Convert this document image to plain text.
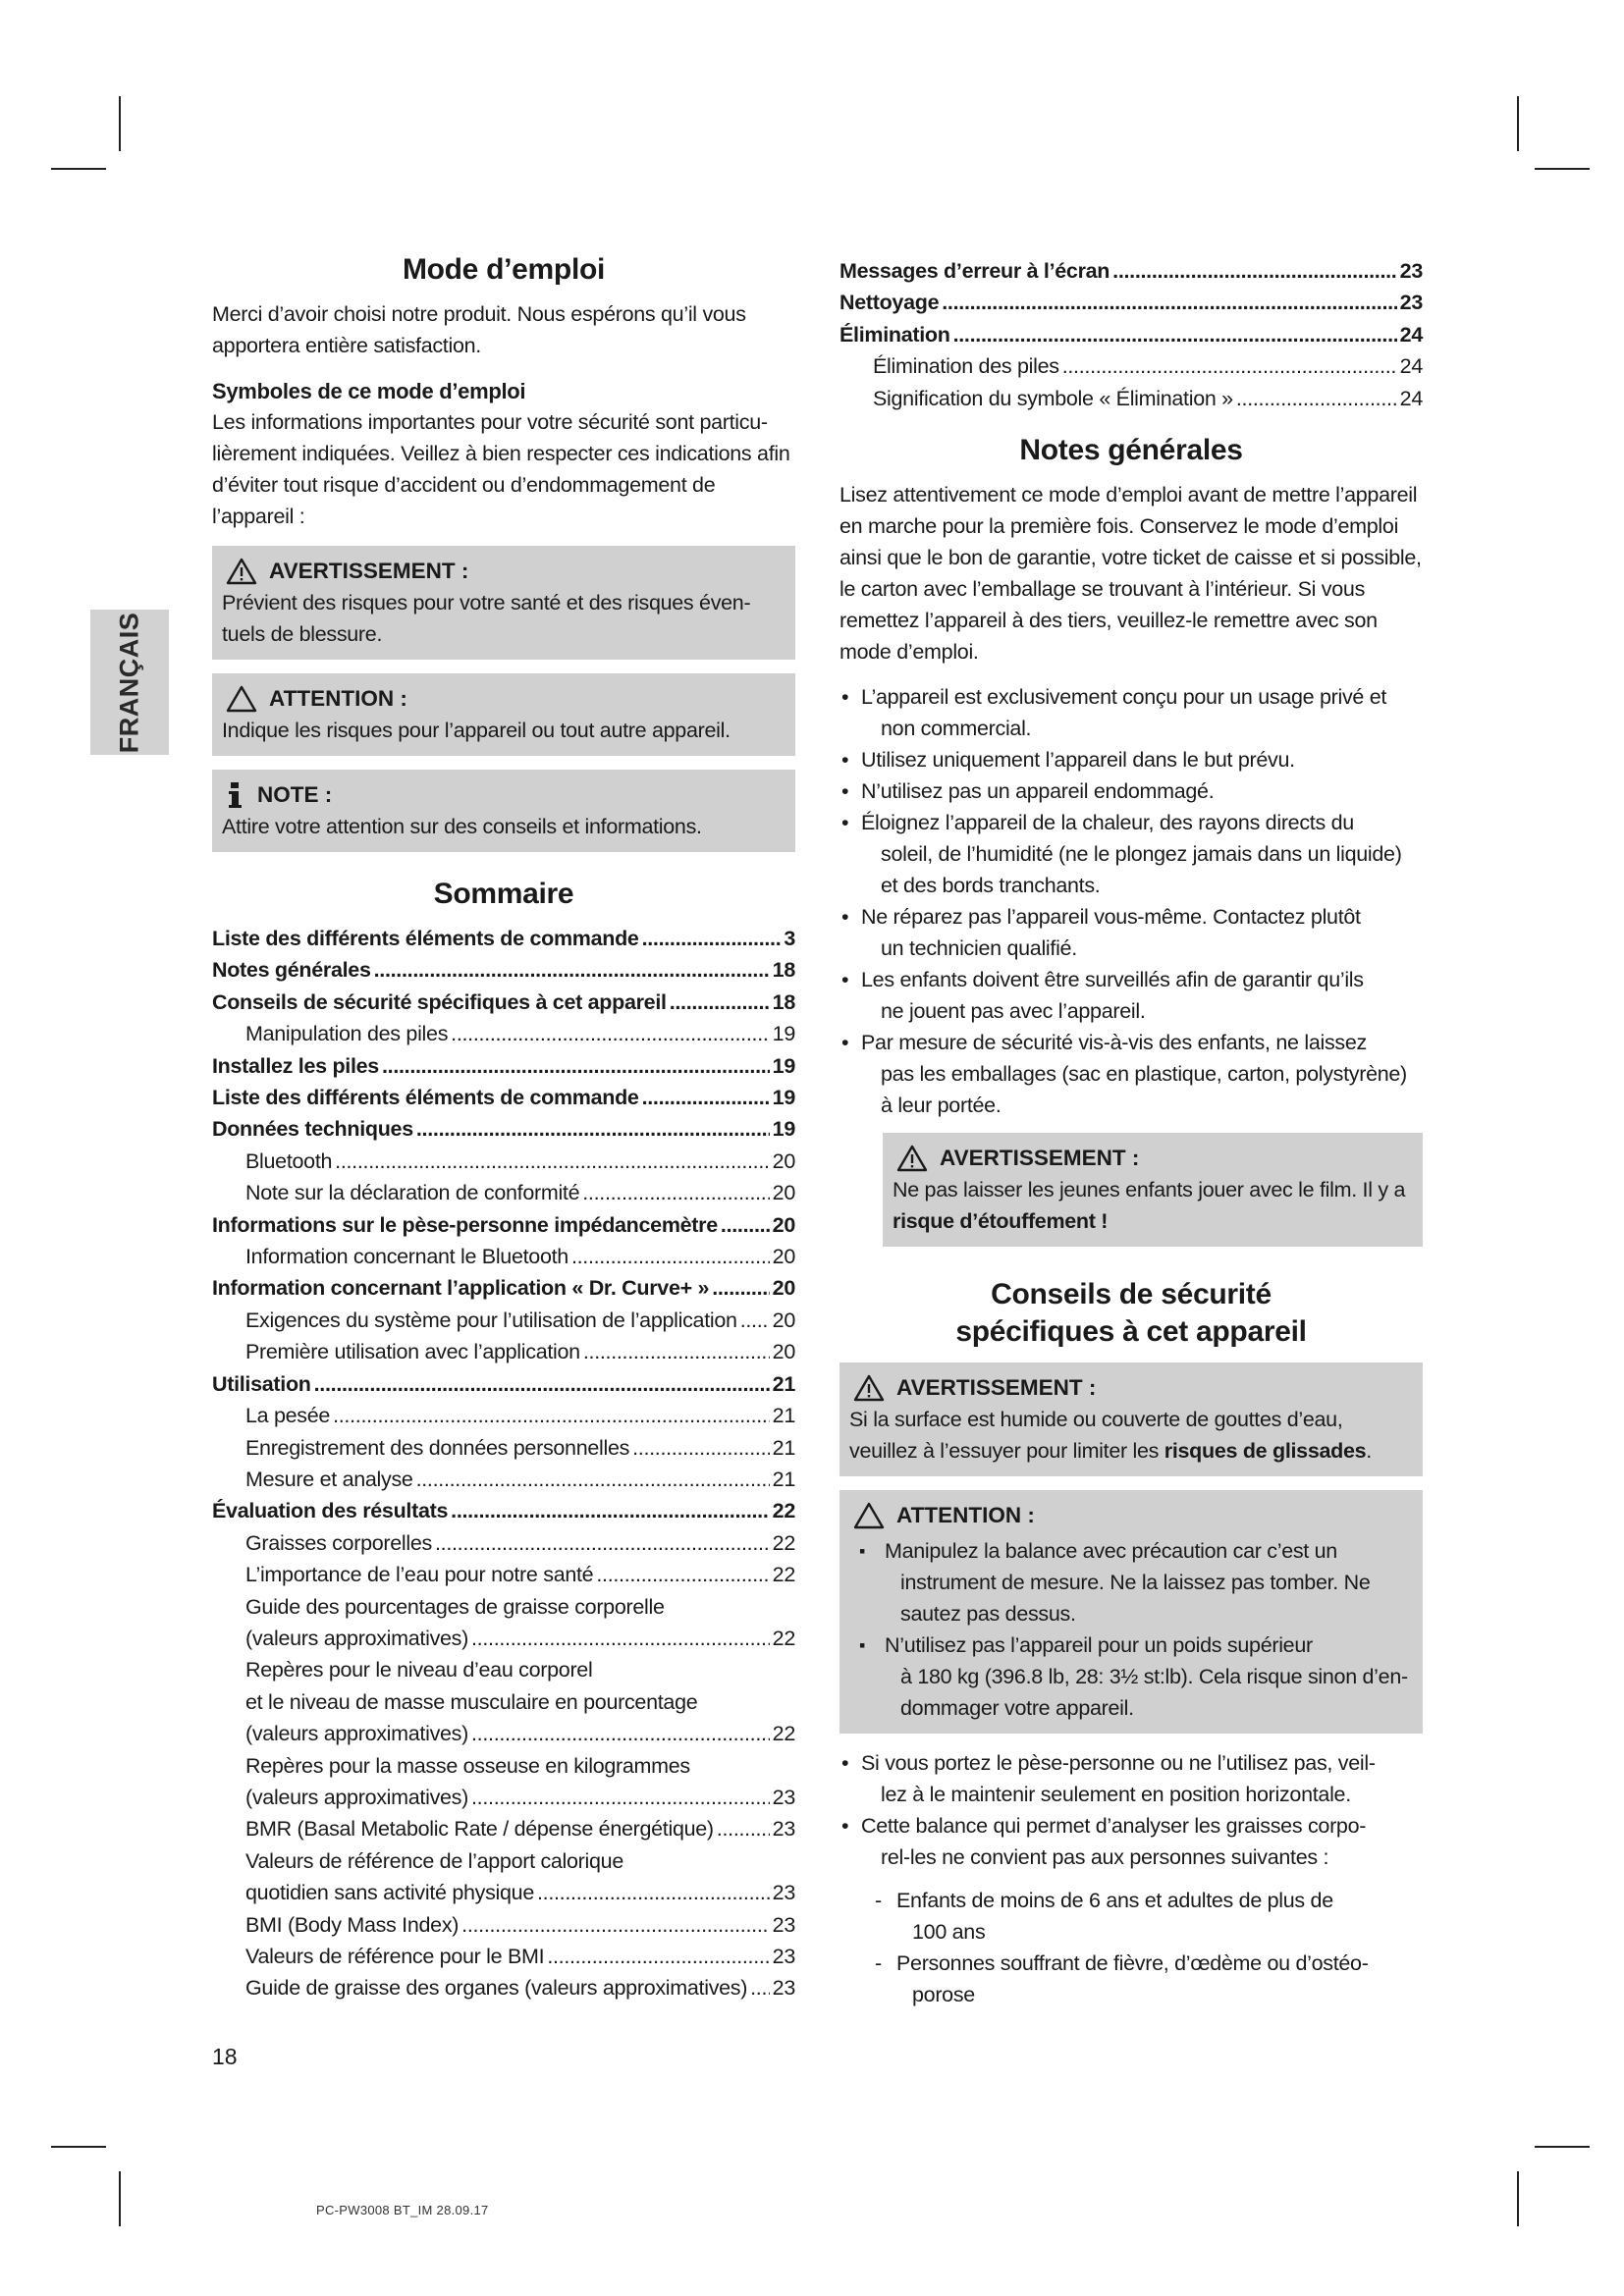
FRANÇAIS
Mode d’emploi

Merci d’avoir choisi notre produit. Nous espérons qu’il vous apportera entière satisfaction.

Symboles de ce mode d’emploi

Les informations importantes pour votre sécurité sont particulièrement indiquées. Veillez à bien respecter ces indications afin d’éviter tout risque d’accident ou d’endommagement de l’appareil :

AVERTISSEMENT :
Prévient des risques pour votre santé et des risques éventuels de blessure.
ATTENTION :
Indique les risques pour l’appareil ou tout autre appareil.
NOTE :
Attire votre attention sur des conseils et informations.
Sommaire
Liste des différents éléments de commande .....	3
Notes générales .....	18
Conseils de sécurité spécifiques à cet appareil .....	18
Manipulation des piles .....	19
Installez les piles .....	19
Liste des différents éléments de commande .....	19
Données techniques .....	19
Bluetooth .....	20
Note sur la déclaration de conformité .....	20
Informations sur le pèse-personne impédancemètre .....	20
Information concernant le Bluetooth .....	20
Information concernant l’application « Dr. Curve+ » .....	20
Exigences du système pour l’utilisation de l’application ..... 20
Première utilisation avec l’application .....	20
Utilisation .....	21
La pesée .....	21
Enregistrement des données personnelles .....	21
Mesure et analyse .....	21
Évaluation des résultats .....	22
Graisses corporelles .....	22
L’importance de l’eau pour notre santé .....	22
Guide des pourcentages de graisse corporelle
(valeurs approximatives) .....	22
Repères pour le niveau d’eau corporel
et le niveau de masse musculaire en pourcentage
(valeurs approximatives) .....	22
Repères pour la masse osseuse en kilogrammes
(valeurs approximatives) .....	23
BMR (Basal Metabolic Rate / dépense énergétique) .....	23
Valeurs de référence de l’apport calorique
quotidien sans activité physique .....	23
BMI (Body Mass Index) .....	23
Valeurs de référence pour le BMI .....	23
Guide de graisse des organes (valeurs approximatives) ..... 23
Messages d’erreur à l’écran .....	23
Nettoyage .....	23
Élimination .....	24
Élimination des piles .....	24
Signification du symbole « Élimination » .....	24
Notes générales

Lisez attentivement ce mode d’emploi avant de mettre l’appareil en marche pour la première fois. Conservez le mode d’emploi ainsi que le bon de garantie, votre ticket de caisse et si possible, le carton avec l’emballage se trouvant à l’intérieur. Si vous remettez l’appareil à des tiers, veuillez-le remettre avec son mode d’emploi.

• L’appareil est exclusivement conçu pour un usage privé et
non commercial.
• Utilisez uniquement l’appareil dans le but prévu.
• N’utilisez pas un appareil endommagé.
• Éloignez l’appareil de la chaleur, des rayons directs du
soleil, de l’humidité (ne le plongez jamais dans un liquide)
et des bords tranchants.
• Ne réparez pas l’appareil vous-même. Contactez plutôt
un technicien qualifié.
• Les enfants doivent être surveillés afin de garantir qu’ils
ne jouent pas avec l’appareil.
• Par mesure de sécurité vis-à-vis des enfants, ne laissez
pas les emballages (sac en plastique, carton, polystyrène)
à leur portée.
AVERTISSEMENT :
Ne pas laisser les jeunes enfants jouer avec le film. Il y a risque d’étouffement !
Conseils de sécurité
spécifiques à cet appareil
AVERTISSEMENT :
Si la surface est humide ou couverte de gouttes d’eau, veuillez à l’essuyer pour limiter les risques de glissades.
ATTENTION :
▪ Manipulez la balance avec précaution car c’est un
instrument de mesure. Ne la laissez pas tomber. Ne
sautez pas dessus.
▪ N’utilisez pas l’appareil pour un poids supérieur
à 180 kg (396.8 lb, 28: 3½ st:lb). Cela risque sinon d’en-
dommager votre appareil.
• Si vous portez le pèse-personne ou ne l’utilisez pas, veil-
lez à le maintenir seulement en position horizontale.
• Cette balance qui permet d’analyser les graisses corpo-
rel-les ne convient pas aux personnes suivantes :
- Enfants de moins de 6 ans et adultes de plus de
100 ans
- Personnes souffrant de fièvre, d’œdème ou d’ostéo-
porose
18
PC-PW3008 BT_IM 28.09.17
